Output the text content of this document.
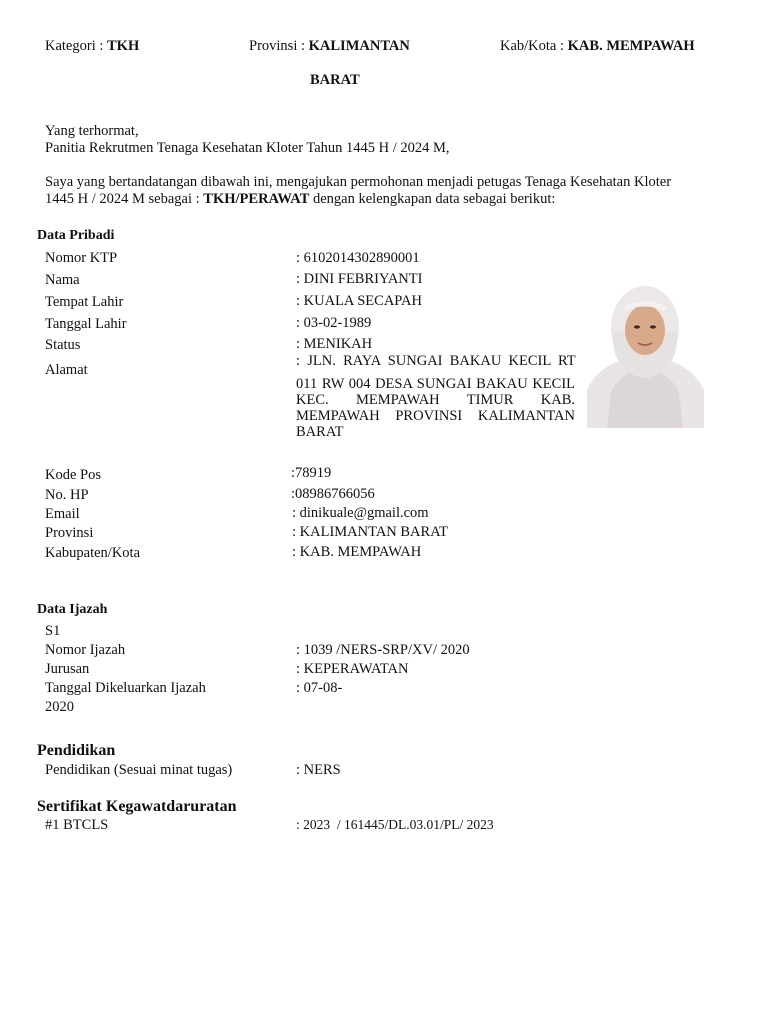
Kategori : TKH	Provinsi : KALIMANTAN
BARAT
Kab/Kota : KAB. MEMPAWAH
Yang terhormat,
Panitia Rekrutmen Tenaga Kesehatan Kloter Tahun 1445 H / 2024 M,
Saya yang bertandatangan dibawah ini, mengajukan permohonan menjadi petugas Tenaga Kesehatan Kloter
1445 H / 2024 M sebagai : TKH/PERAWAT dengan kelengkapan data sebagai berikut:
Data Pribadi
Nomor KTP	: 6102014302890001
Nama	: DINI FEBRIYANTI
Tempat Lahir	: KUALA SECAPAH
Tanggal Lahir	: 03-02-1989
Status	: MENIKAH
Alamat
:  JLN.  RAYA  SUNGAI  BAKAU  KECIL  RT
011 RW 004 DESA SUNGAI BAKAU KECIL KEC. MEMPAWAH TIMUR KAB. MEMPAWAH PROVINSI KALIMANTAN BARAT
Kode Pos	:78919
No. HP	:08986766056
Email	: dinikuale@gmail.com
Provinsi	: KALIMANTAN BARAT
Kabupaten/Kota	: KAB. MEMPAWAH
Data Ijazah
S1
Nomor Ijazah	: 1039 /NERS-SRP/XV/ 2020
Jurusan	: KEPERAWATAN
Tanggal Dikeluarkan Ijazah	: 07-08-
2020
Pendidikan
Pendidikan (Sesuai minat tugas)	: NERS
Sertifikat Kegawatdaruratan
#1 BTCLS	: 2023  / 161445/DL.03.01/PL/ 2023
